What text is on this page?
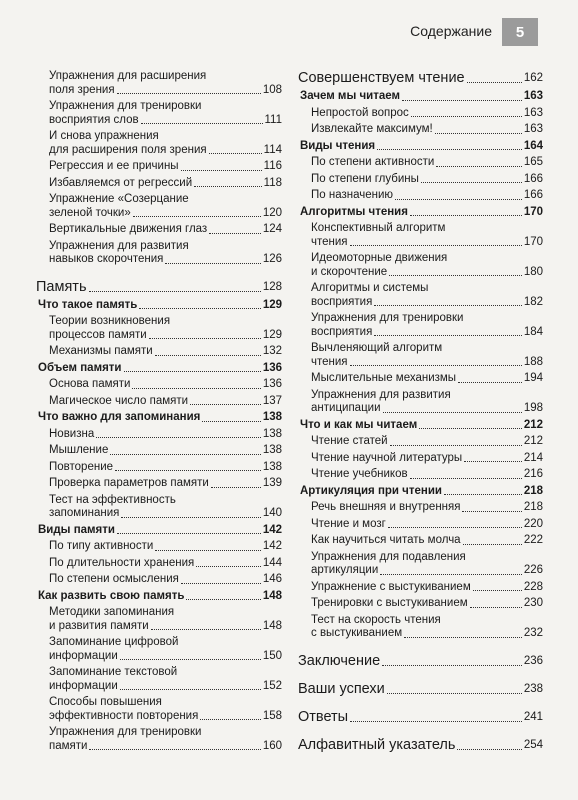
Содержание	5
Упражнения для расширения
поля зрения	108
Упражнения для тренировки
восприятия слов	111
И снова упражнения
для расширения поля зрения	114
Регрессия и ее причины	116
Избавляемся от регрессий	118
Упражнение «Созерцание
зеленой точки»	120
Вертикальные движения глаз	124
Упражнения для развития
навыков скорочтения	126
Память	128
Что такое память	129
Теории возникновения
процессов памяти	129
Механизмы памяти	132
Объем памяти	136
Основа памяти	136
Магическое число памяти	137
Что важно для запоминания	138
Новизна	138
Мышление	138
Повторение	138
Проверка параметров памяти	139
Тест на эффективность
запоминания	140
Виды памяти	142
По типу активности	142
По длительности хранения	144
По степени осмысления	146
Как развить свою память	148
Методики запоминания
и развития памяти	148
Запоминание цифровой
информации	150
Запоминание текстовой
информации	152
Способы повышения
эффективности повторения	158
Упражнения для тренировки
памяти	160
Совершенствуем чтение	162
Зачем мы читаем	163
Непростой вопрос	163
Извлекайте максимум!	163
Виды чтения	164
По степени активности	165
По степени глубины	166
По назначению	166
Алгоритмы чтения	170
Конспективный алгоритм
чтения	170
Идеомоторные движения
и скорочтение	180
Алгоритмы и системы
восприятия	182
Упражнения для тренировки
восприятия	184
Вычленяющий алгоритм
чтения	188
Мыслительные механизмы	194
Упражнения для развития
антиципации	198
Что и как мы читаем	212
Чтение статей	212
Чтение научной литературы	214
Чтение учебников	216
Артикуляция при чтении	218
Речь внешняя и внутренняя	218
Чтение и мозг	220
Как научиться читать молча	222
Упражнения для подавления
артикуляции	226
Упражнение с выстукиванием	228
Тренировки с выстукиванием	230
Тест на скорость чтения
с выстукиванием	232
Заключение	236
Ваши успехи	238
Ответы	241
Алфавитный указатель	254
